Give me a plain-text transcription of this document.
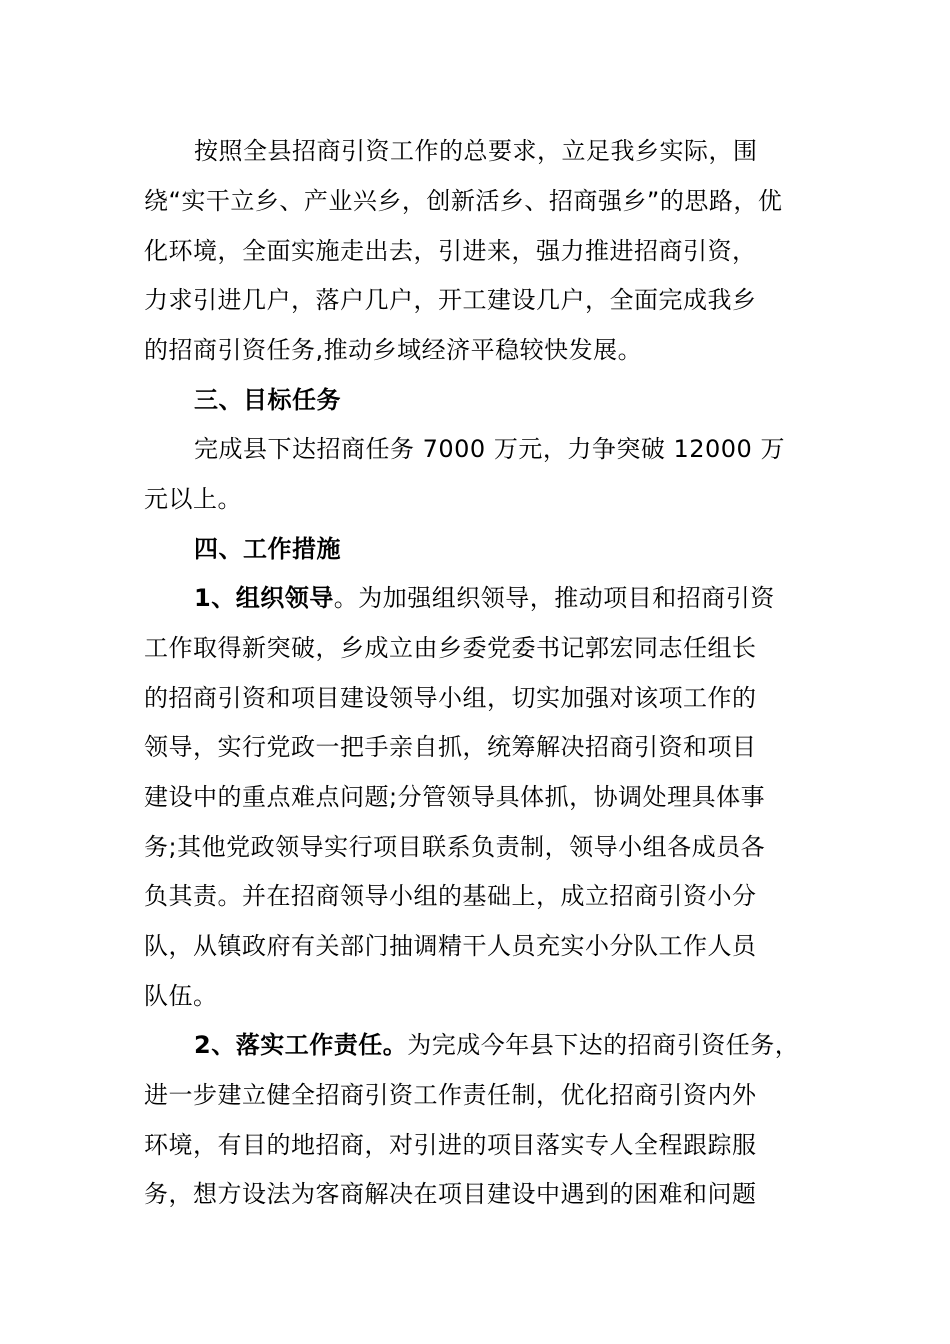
按照全县招商引资工作的总要求，立足我乡实际，围
绕“实干立乡、产业兴乡，创新活乡、招商强乡”的思路，优
化环境，全面实施走出去，引进来，强力推进招商引资，
力求引进几户，落户几户，开工建设几户，全面完成我乡
的招商引资任务,推动乡域经济平稳较快发展。
三、目标任务
完成县下达招商任务 7000 万元，力争突破 12000 万
元以上。
四、工作措施
1、组织领导。为加强组织领导，推动项目和招商引资
工作取得新突破，乡成立由乡委党委书记郭宏同志任组长
的招商引资和项目建设领导小组，切实加强对该项工作的
领导，实行党政一把手亲自抓，统筹解决招商引资和项目
建设中的重点难点问题;分管领导具体抓，协调处理具体事
务;其他党政领导实行项目联系负责制，领导小组各成员各
负其责。并在招商领导小组的基础上，成立招商引资小分
队，从镇政府有关部门抽调精干人员充实小分队工作人员
队伍。
2、落实工作责任。为完成今年县下达的招商引资任务，
进一步建立健全招商引资工作责任制，优化招商引资内外
环境，有目的地招商，对引进的项目落实专人全程跟踪服
务，想方设法为客商解决在项目建设中遇到的困难和问题
